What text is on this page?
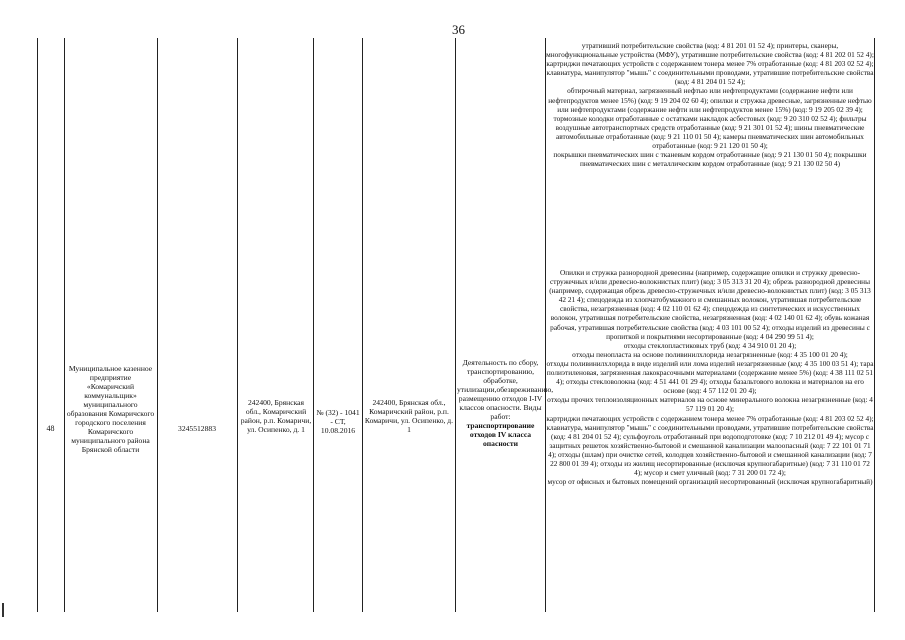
36
48
Муниципальное казенное предприятие «Комаричский коммунальщик» муниципального образования Комаричского городского поселения Комаричского муниципального района Брянской области
3245512883
242400, Брянская обл., Комаричский район, р.п. Комаричи, ул. Осипенко, д. 1
№ (32) - 1041 - СТ, 10.08.2016
242400, Брянская обл., Комаричский район, р.п. Комаричи, ул. Осипенко, д. 1
Деятельность по сбору, транспортированию, обработке, утилизации,обезвреживанию, размещению отходов I-IV классов опасности. Виды работ: транспортирование отходов IV класса опасности

утративший потребительские свойства (код: 4 81 201 01 52 4); принтеры, сканеры, многофункциональные устройства (МФУ), утратившие потребительские свойства (код: 4 81 202 01 52 4);

картриджи печатающих устройств с содержанием тонера менее 7% отработанные (код: 4 81 203 02 52 4); клавиатура, манипулятор "мышь" с соединительными проводами, утратившие потребительские свойства (код: 4 81 204 01 52 4);

обтирочный материал, загрязненный нефтью или нефтепродуктами (содержание нефти или нефтепродуктов менее 15%) (код: 9 19 204 02 60 4); опилки и стружка древесные, загрязненные нефтью или нефтепродуктами (содержание нефти или нефтепродуктов менее 15%) (код: 9 19 205 02 39 4); тормозные колодки отработанные с остатками накладок асбестовых (код: 9 20 310 02 52 4); фильтры воздушные автотранспортных средств отработанные (код: 9 21 301 01 52 4); шины пневматические автомобильные отработанные (код: 9 21 110 01 50 4); камеры пневматических шин автомобильных отработанные (код: 9 21 120 01 50 4);

покрышки пневматических шин с тканевым кордом отработанные (код: 9 21 130 01 50 4); покрышки пневматических шин с металлическим кордом отработанные (код: 9 21 130 02 50 4)

Опилки и стружка разнородной древесины (например, содержащие опилки и стружку древесно-стружечных и/или древесно-волокнистых плит) (код: 3 05 313 31 20 4); обрезь разнородной древесины (например, содержащая обрезь древесно-стружечных и/или древесно-волокнистых плит) (код: 3 05 313 42 21 4); спецодежда из хлопчатобумажного и смешанных волокон, утратившая потребительские свойства, незагрязненная (код: 4 02 110 01 62 4); спецодежда из синтетических и искусственных волокон, утратившая потребительские свойства, незагрязненная (код: 4 02 140 01 62 4); обувь кожаная рабочая, утратившая потребительские свойства (код: 4 03 101 00 52 4); отходы изделий из древесины с пропиткой и покрытиями несортированные (код: 4 04 290 99 51 4);

отходы стеклопластиковых труб (код: 4 34 910 01 20 4);

отходы пенопласта на основе поливинилхлорида незагрязненные (код: 4 35 100 01 20 4);

отходы поливинилхлорида в виде изделий или лома изделий незагрязненные (код: 4 35 100 03 51 4); тара полиэтиленовая, загрязненная лакокрасочными материалами (содержание менее 5%) (код: 4 38 111 02 51 4); отходы стекловолокна (код: 4 51 441 01 29 4); отходы базальтового волокна и материалов на его основе (код: 4 57 112 01 20 4);

отходы прочих теплоизоляционных материалов на основе минерального волокна незагрязненные (код: 4 57 119 01 20 4);

картриджи печатающих устройств с содержанием тонера менее 7% отработанные (код: 4 81 203 02 52 4);

клавиатура, манипулятор "мышь" с соединительными проводами, утратившие потребительские свойства (код: 4 81 204 01 52 4); сульфоуголь отработанный при водоподготовке (код: 7 10 212 01 49 4); мусор с защитных решеток хозяйственно-бытовой и смешанной канализации малоопасный (код: 7 22 101 01 71 4); отходы (шлам) при очистке сетей, колодцев хозяйственно-бытовой и смешанной канализации (код: 7 22 800 01 39 4); отходы из жилищ несортированные (исключая крупногабаритные) (код: 7 31 110 01 72 4); мусор и смет уличный (код: 7 31 200 01 72 4);

мусор от офисных и бытовых помещений организаций несортированный (исключая крупногабаритный)
